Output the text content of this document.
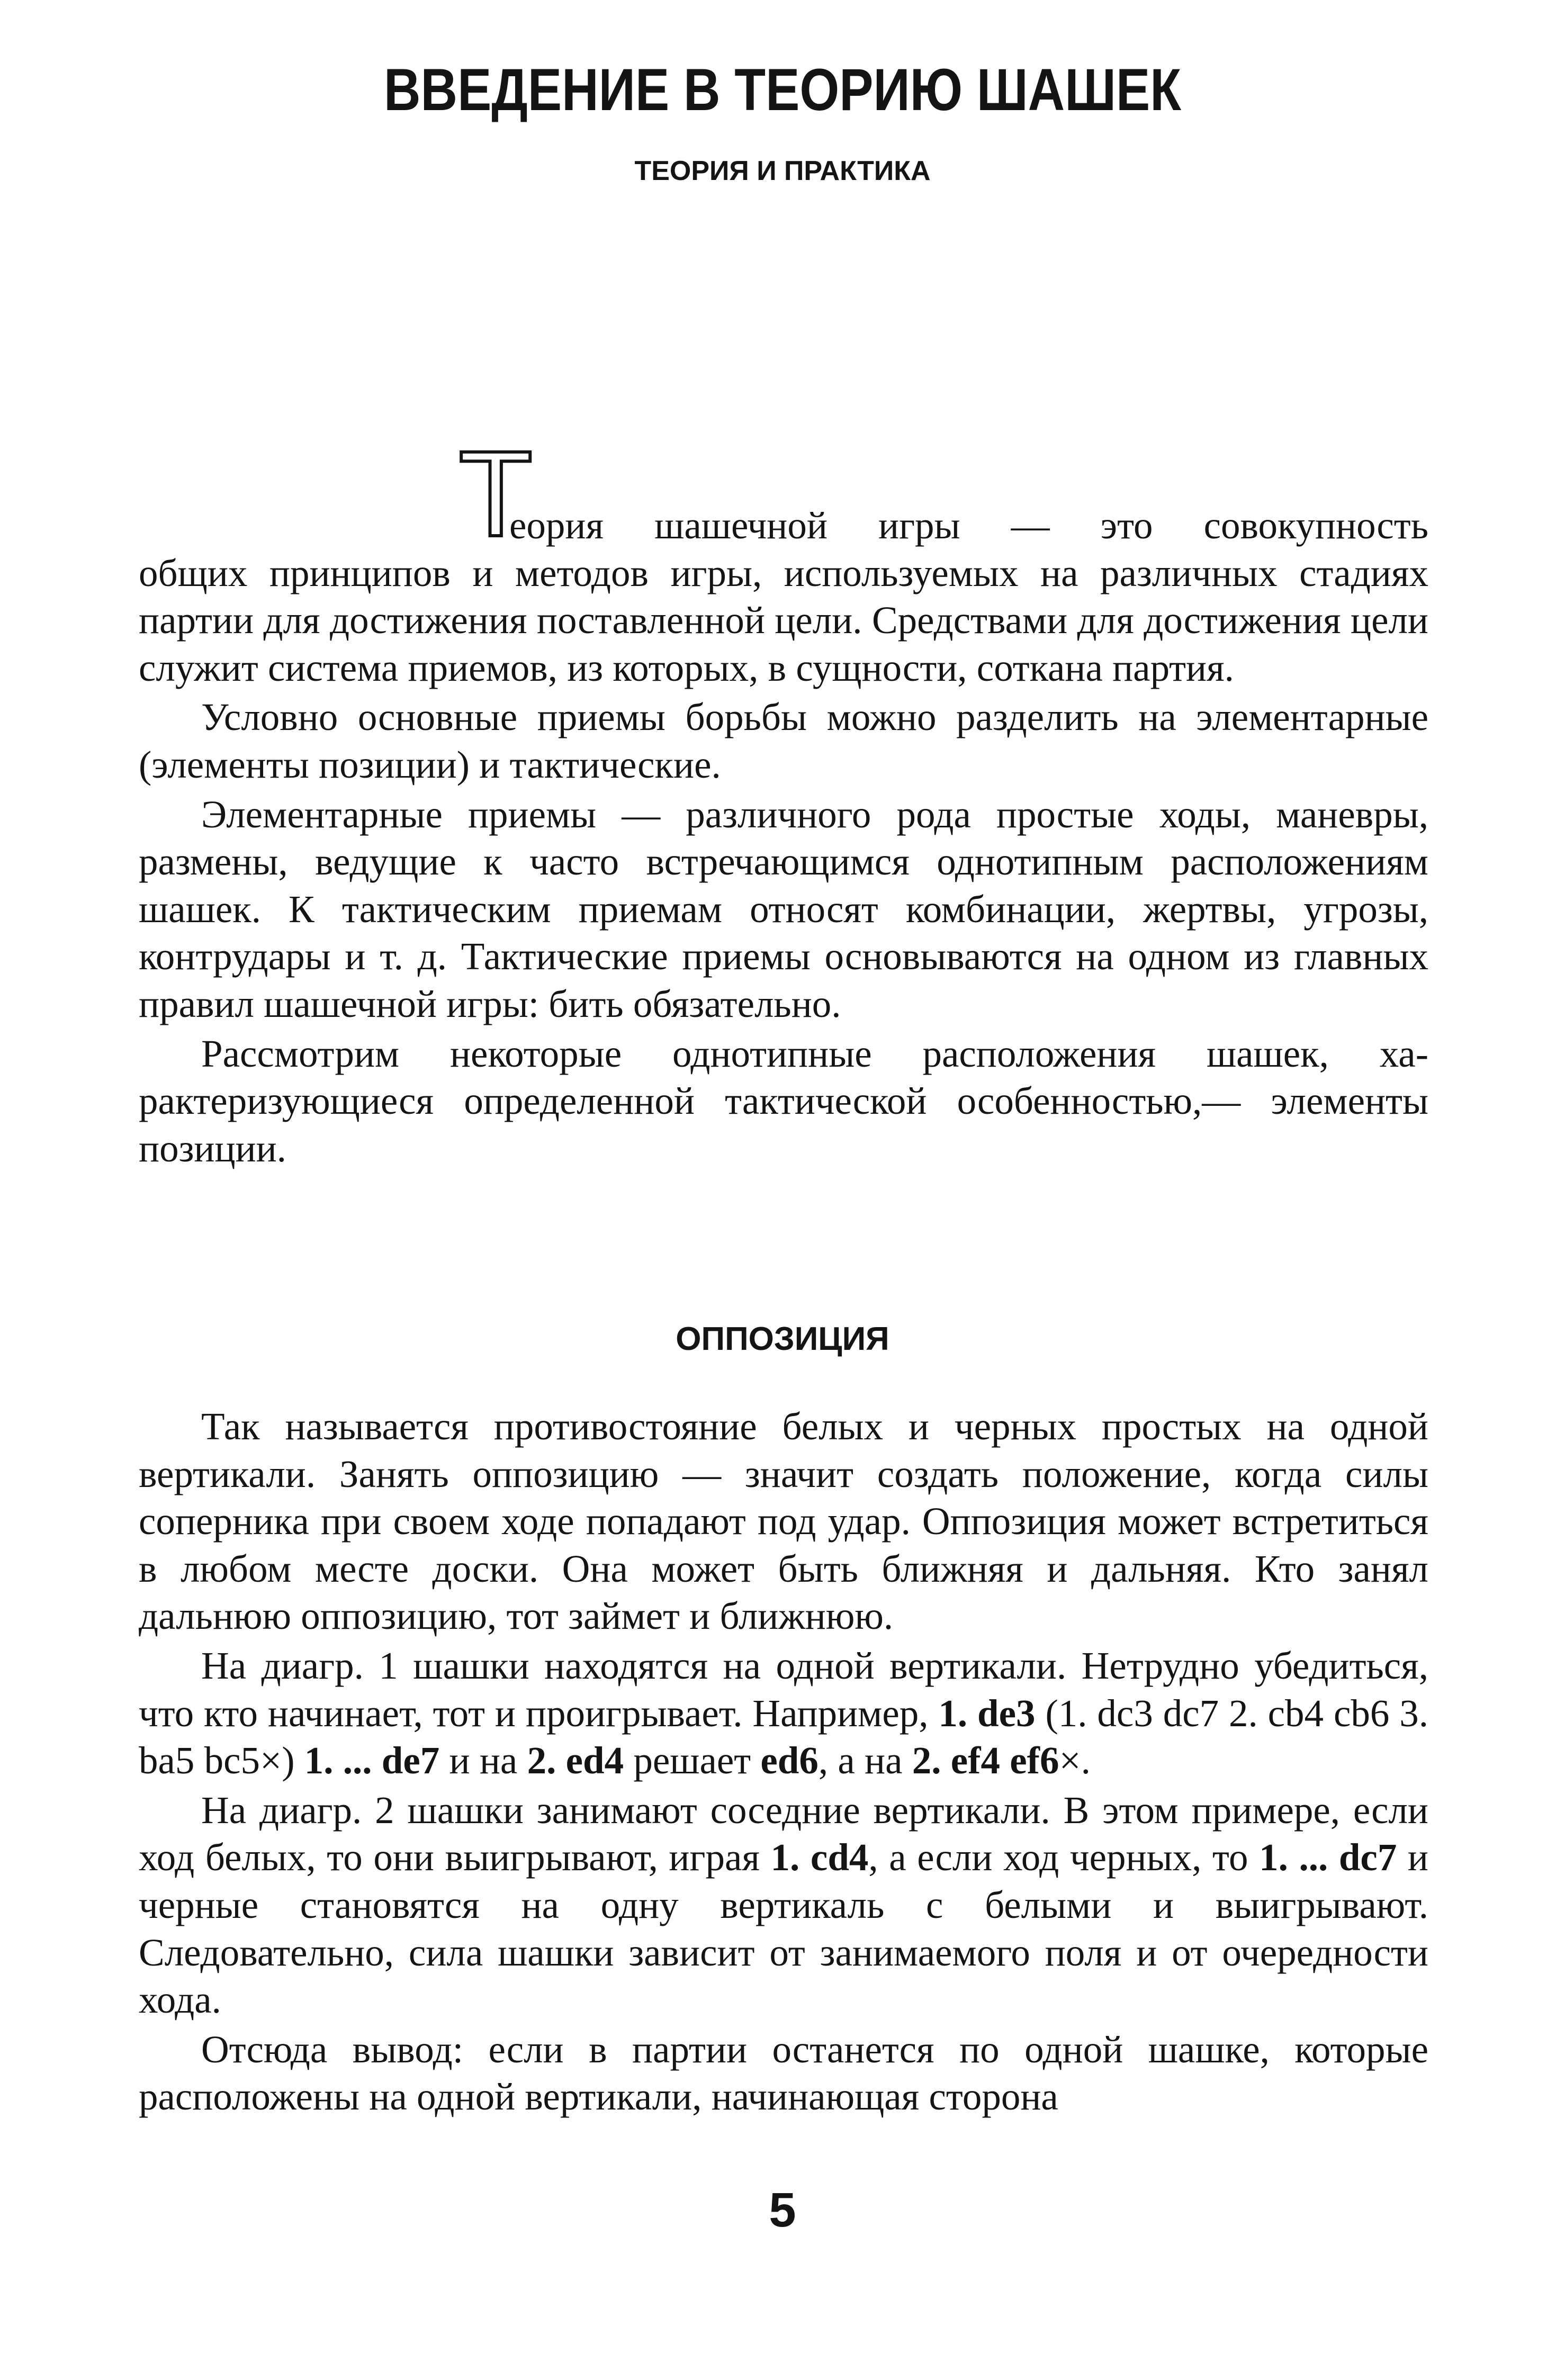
ВВЕДЕНИЕ В ТЕОРИЮ ШАШЕК
ТЕОРИЯ И ПРАКТИКА
Т
еория шашечной игры — это совокупность

общих принципов и методов игры, используемых на различных стадиях партии для достижения поставленной цели. Средствами для достижения цели служит система приемов, из которых, в сущности, соткана партия.

Условно основные приемы борьбы можно разделить на элементарные (элементы позиции) и тактические.

Элементарные приемы — различного рода простые ходы, маневры, размены, ведущие к часто встречающимся однотипным расположениям шашек. К тактическим приемам относят комбинации, жертвы, угрозы, контрудары и т. д. Тактические приемы основываются на одном из главных правил шашечной игры: бить обязательно.

Рассмотрим некоторые однотипные расположения шашек, характеризующиеся определенной тактической особенностью,— элементы позиции.

ОППОЗИЦИЯ

Так называется противостояние белых и черных простых на одной вертикали. Занять оппозицию — значит создать положение, когда силы соперника при своем ходе попадают под удар. Оппозиция может встретиться в любом месте доски. Она может быть ближняя и дальняя. Кто занял дальнюю оппозицию, тот займет и ближнюю.

На диагр. 1 шашки находятся на одной вертикали. Нетрудно убедиться, что кто начинает, тот и проигрывает. Например, 1. de3 (1. dc3 dc7 2. cb4 cb6 3. ba5 bc5×) 1. ... de7 и на 2. ed4 решает ed6, а на 2. ef4 ef6×.

На диагр. 2 шашки занимают соседние вертикали. В этом примере, если ход белых, то они выигрывают, играя 1. cd4, а если ход черных, то 1. ... dc7 и черные становятся на одну вертикаль с белыми и выигрывают. Следовательно, сила шашки зависит от занимаемого поля и от очередности хода.

Отсюда вывод: если в партии останется по одной шашке, которые расположены на одной вертикали, начинающая сторона

5
